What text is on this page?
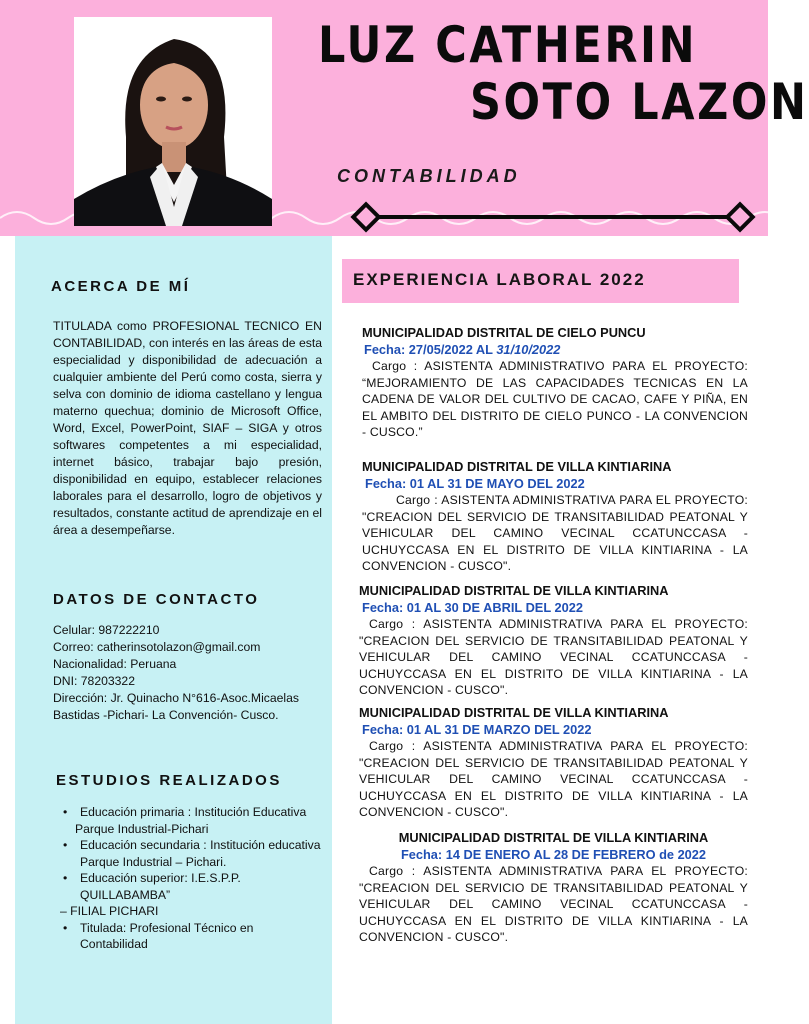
LUZ CATHERIN
SOTO LAZON
CONTABILIDAD
ACERCA DE MÍ
TITULADA como PROFESIONAL TECNICO EN CONTABILIDAD, con interés en las áreas de esta especialidad y disponibilidad de adecuación a cualquier ambiente del Perú como costa, sierra y selva con dominio de idioma castellano y lengua materno quechua; dominio de Microsoft Office, Word, Excel, PowerPoint, SIAF – SIGA y otros softwares competentes a mi especialidad, internet básico, trabajar bajo presión, disponibilidad en equipo, establecer relaciones laborales para el desarrollo, logro de objetivos y resultados, constante actitud de aprendizaje en el área a desempeñarse.
DATOS DE CONTACTO
Celular: 987222210
Correo: catherinsotolazon@gmail.com
Nacionalidad: Peruana
DNI: 78203322
Dirección: Jr. Quinacho N°616-Asoc.Micaelas Bastidas -Pichari- La Convención- Cusco.
ESTUDIOS REALIZADOS
• Educación primaria : Institución Educativa
Parque Industrial-Pichari
• Educación secundaria : Institución educativa Parque Industrial – Pichari.
• Educación superior: I.E.S.P.P. QUILLABAMBA”
– FILIAL PICHARI
• Titulada: Profesional Técnico en Contabilidad
EXPERIENCIA LABORAL 2022
MUNICIPALIDAD DISTRITAL DE CIELO PUNCU
Fecha: 27/05/2022 AL 31/10/2022
Cargo : ASISTENTA ADMINISTRATIVO PARA EL PROYECTO: “MEJORAMIENTO DE LAS CAPACIDADES TECNICAS EN LA CADENA DE VALOR DEL CULTIVO DE CACAO, CAFE Y PIÑA, EN EL AMBITO DEL DISTRITO DE CIELO PUNCO - LA CONVENCION - CUSCO.”
MUNICIPALIDAD DISTRITAL DE VILLA KINTIARINA
Fecha: 01 AL 31 DE MAYO DEL 2022
Cargo : ASISTENTA ADMINISTRATIVA PARA EL PROYECTO: "CREACION DEL SERVICIO DE TRANSITABILIDAD PEATONAL Y VEHICULAR DEL CAMINO VECINAL CCATUNCCASA -UCHUYCCASA EN EL DISTRITO DE VILLA KINTIARINA - LA CONVENCION - CUSCO".
MUNICIPALIDAD DISTRITAL DE VILLA KINTIARINA
Fecha: 01 AL 30 DE ABRIL DEL 2022
Cargo : ASISTENTA ADMINISTRATIVA PARA EL PROYECTO: "CREACION DEL SERVICIO DE TRANSITABILIDAD PEATONAL Y VEHICULAR DEL CAMINO VECINAL CCATUNCCASA - UCHUYCCASA EN EL DISTRITO DE VILLA KINTIARINA - LA CONVENCION - CUSCO".
MUNICIPALIDAD DISTRITAL DE VILLA KINTIARINA
Fecha: 01 AL 31 DE MARZO DEL 2022
Cargo : ASISTENTA ADMINISTRATIVA PARA EL PROYECTO: "CREACION DEL SERVICIO DE TRANSITABILIDAD PEATONAL Y VEHICULAR DEL CAMINO VECINAL CCATUNCCASA - UCHUYCCASA EN EL DISTRITO DE VILLA KINTIARINA - LA CONVENCION - CUSCO".
MUNICIPALIDAD DISTRITAL DE VILLA KINTIARINA
Fecha: 14 DE ENERO AL 28 DE FEBRERO de 2022
Cargo : ASISTENTA ADMINISTRATIVA PARA EL PROYECTO: "CREACION DEL SERVICIO DE TRANSITABILIDAD PEATONAL Y VEHICULAR DEL CAMINO VECINAL CCATUNCCASA - UCHUYCCASA EN EL DISTRITO DE VILLA KINTIARINA - LA CONVENCION - CUSCO".
